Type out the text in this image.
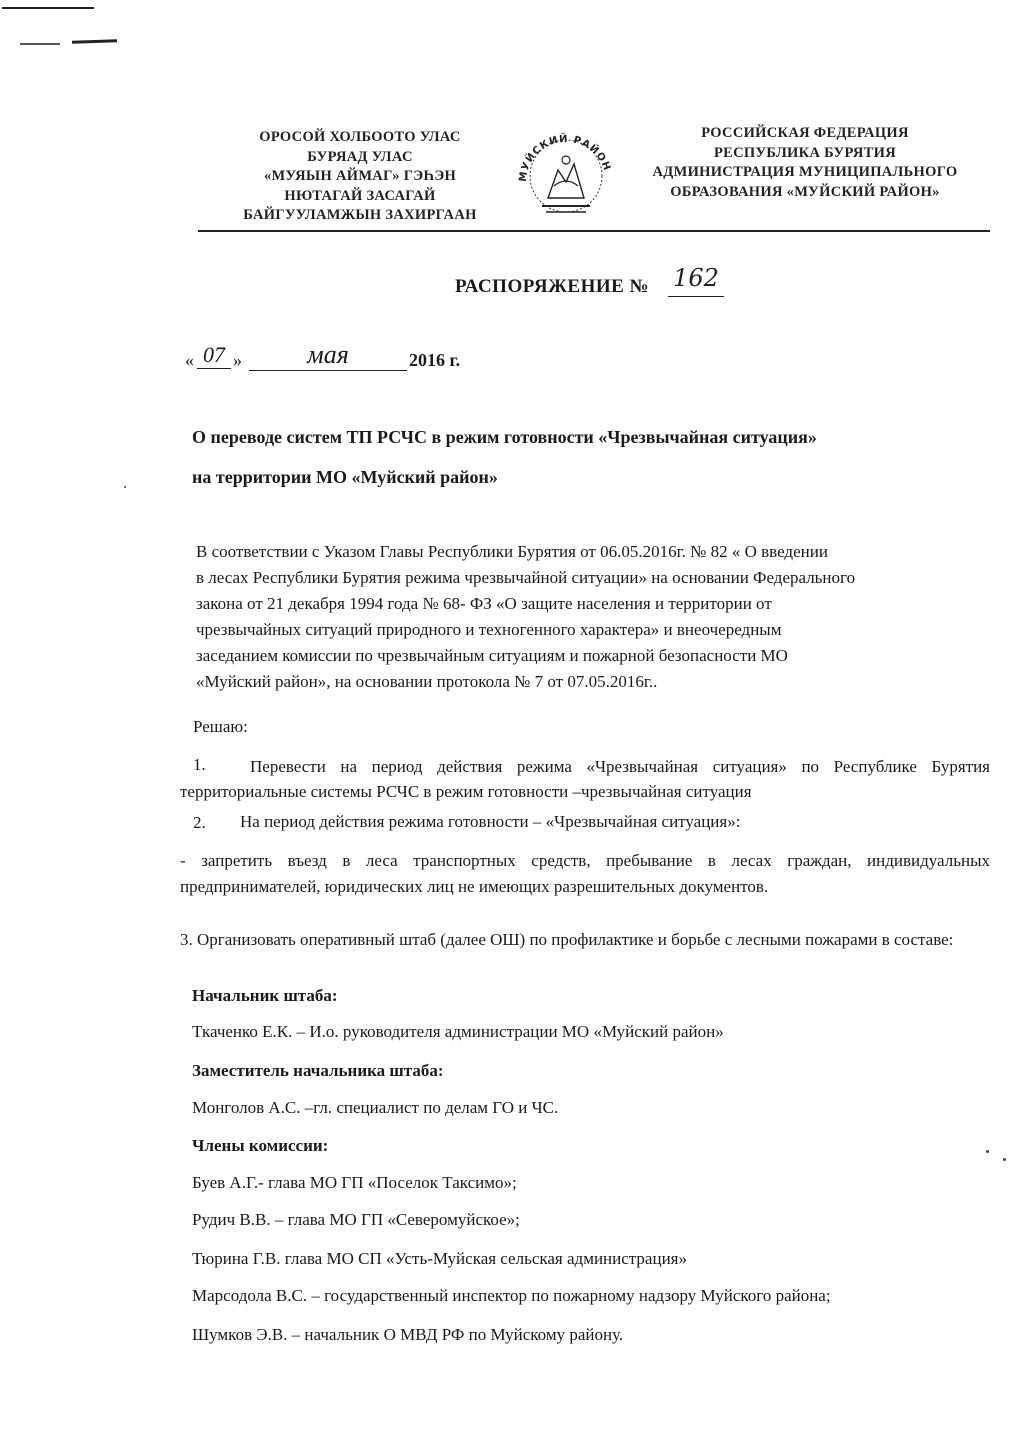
ОРОСОЙ ХОЛБООТО УЛАС
БУРЯАД УЛАС
«МУЯЫН АЙМАГ» ГЭҺЭН
НЮТАГАЙ ЗАСАГАЙ
БАЙГУУЛАМЖЫН ЗАХИРГААН
МУЙСКИЙ РАЙОН
РОССИЙСКАЯ ФЕДЕРАЦИЯ
РЕСПУБЛИКА БУРЯТИЯ
АДМИНИСТРАЦИЯ МУНИЦИПАЛЬНОГО
ОБРАЗОВАНИЯ «МУЙСКИЙ РАЙОН»
РАСПОРЯЖЕНИЕ № 162
« 07 »	мая	2016 г.
О переводе систем ТП РСЧС в режим готовности «Чрезвычайная ситуация»
на территории МО «Муйский район»
В соответствии с Указом Главы Республики Бурятия от 06.05.2016г. № 82 « О введении
в лесах Республики Бурятия режима чрезвычайной ситуации» на основании Федерального
закона от 21 декабря 1994 года № 68- ФЗ «О защите населения и территории от
чрезвычайных ситуаций природного и техногенного характера» и внеочередным
заседанием комиссии по чрезвычайным ситуациям и пожарной безопасности МО
«Муйский район», на основании протокола № 7 от 07.05.2016г..
Решаю:
Перевести на период действия режима «Чрезвычайная ситуация» по Республике Бурятия территориальные системы РСЧС в режим готовности –чрезвычайная ситуация
1.
2. На период действия режима готовности – «Чрезвычайная ситуация»:
- запретить въезд в леса транспортных средств, пребывание в лесах граждан, индивидуальных предпринимателей, юридических лиц не имеющих разрешительных документов.
3. Организовать оперативный штаб (далее ОШ) по профилактике и борьбе с лесными пожарами в составе:
Начальник штаба:
Ткаченко Е.К. – И.о. руководителя администрации МО «Муйский район»
Заместитель начальника штаба:
Монголов А.С. –гл. специалист по делам ГО и ЧС.
Члены комиссии:
Буев А.Г.- глава МО ГП «Поселок Таксимо»;
Рудич В.В. – глава МО ГП «Северомуйское»;
Тюрина Г.В. глава МО СП «Усть-Муйская сельская администрация»
Марсодола В.С. – государственный инспектор по пожарному надзору Муйского района;
Шумков Э.В. – начальник О МВД РФ по Муйскому району.
